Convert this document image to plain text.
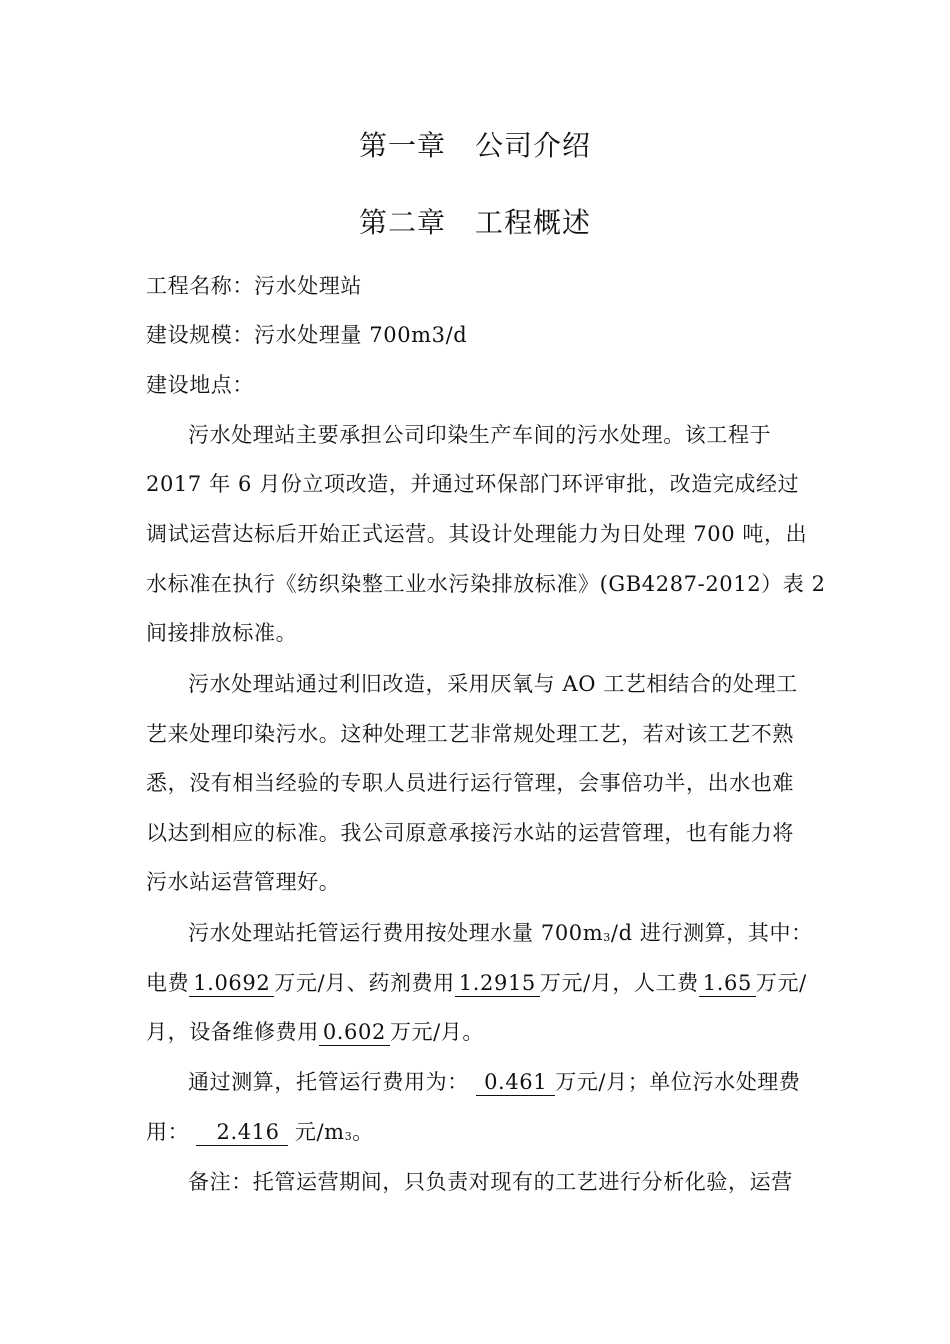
第一章　公司介绍
第二章　工程概述
工程名称：污水处理站
建设规模：污水处理量 700m3/d
建设地点：
污水处理站主要承担公司印染生产车间的污水处理。该工程于
2017 年 6 月份立项改造，并通过环保部门环评审批，改造完成经过
调试运营达标后开始正式运营。其设计处理能力为日处理 700 吨，出
水标准在执行《纺织染整工业水污染排放标准》(GB4287-2012）表 2
间接排放标准。
污水处理站通过利旧改造，采用厌氧与 AO 工艺相结合的处理工
艺来处理印染污水。这种处理工艺非常规处理工艺，若对该工艺不熟
悉，没有相当经验的专职人员进行运行管理，会事倍功半，出水也难
以达到相应的标准。我公司原意承接污水站的运营管理，也有能力将
污水站运营管理好。
污水处理站托管运行费用按处理水量 700m3/d 进行测算，其中：
电费 1.0692 万元/月、药剂费用 1.2915 万元/月，人工费 1.65 万元/
月，设备维修费用 0.602 万元/月。
通过测算，托管运行费用为： 0.461 万元/月；单位污水处理费
用： 2.416 元/m3。
备注：托管运营期间，只负责对现有的工艺进行分析化验，运营
